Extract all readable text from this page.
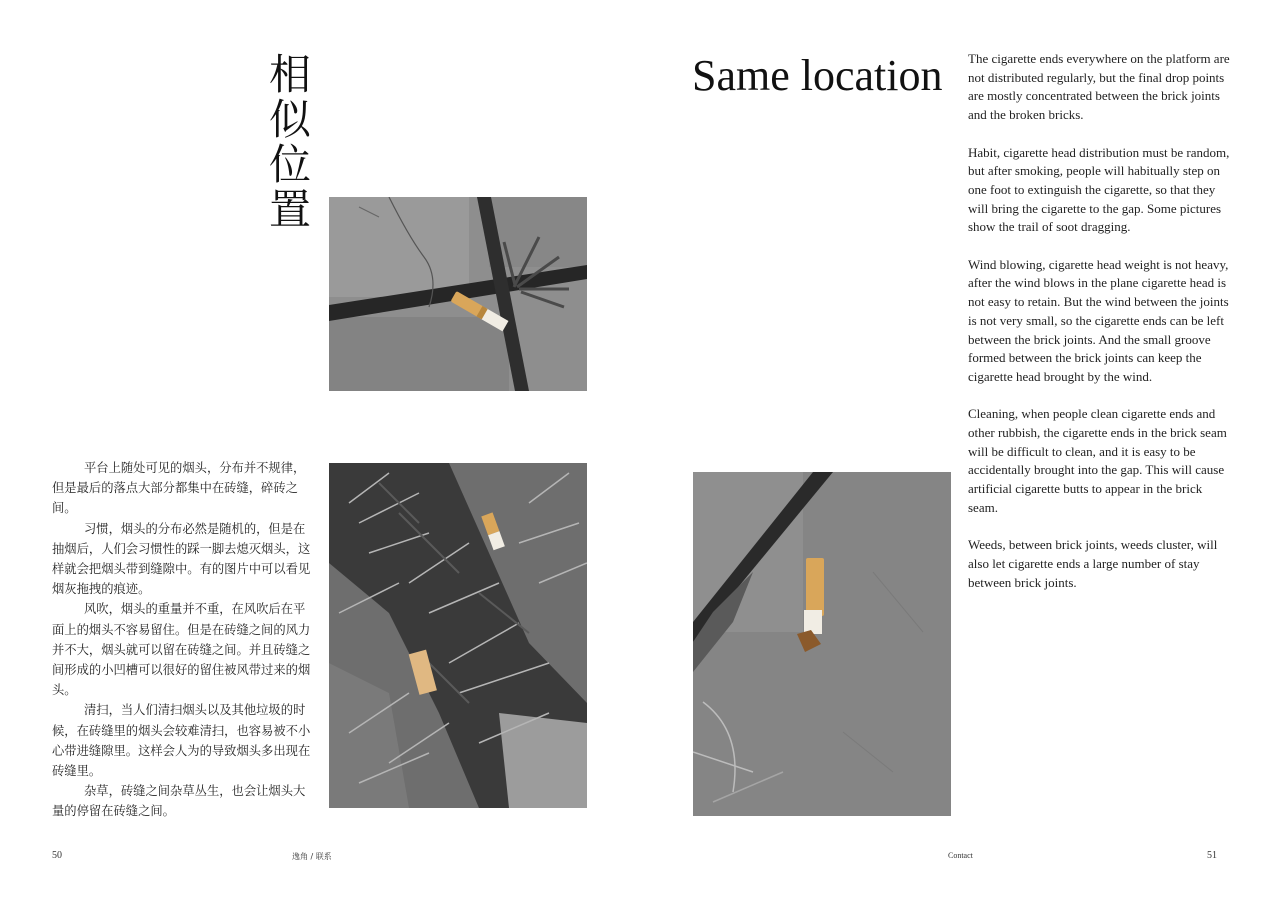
相
似
位
置

平台上随处可见的烟头，分布并不规律，但是最后的落点大部分都集中在砖缝，碎砖之间。

习惯，烟头的分布必然是随机的，但是在抽烟后，人们会习惯性的踩一脚去熄灭烟头，这样就会把烟头带到缝隙中。有的图片中可以看见烟灰拖拽的痕迹。

风吹，烟头的重量并不重，在风吹后在平面上的烟头不容易留住。但是在砖缝之间的风力并不大，烟头就可以留在砖缝之间。并且砖缝之间形成的小凹槽可以很好的留住被风带过来的烟头。

清扫，当人们清扫烟头以及其他垃圾的时候，在砖缝里的烟头会较难清扫，也容易被不小心带进缝隙里。这样会人为的导致烟头多出现在砖缝里。

杂草，砖缝之间杂草丛生，也会让烟头大量的停留在砖缝之间。

50	逸角 / 联系
Same location The cigarette ends everywhere on the platform are not distributed regularly, but the final drop points are mostly concentrated between the brick joints and the broken bricks.

Habit, cigarette head distribution must be random, but after smoking, people will habitually step on one foot to extinguish the cigarette, so that they will bring the cigarette to the gap. Some pictures show the trail of soot dragging.

Wind blowing, cigarette head weight is not heavy, after the wind blows in the plane cigarette head is not easy to retain. But the wind between the joints is not very small, so the cigarette ends can be left between the brick joints. And the small groove formed between the brick joints can keep the cigarette head brought by the wind.

Cleaning, when people clean cigarette ends and other rubbish, the cigarette ends in the brick seam will be difficult to clean, and it is easy to be accidentally brought into the gap. This will cause artificial cigarette butts to appear in the brick seam.

Weeds, between brick joints, weeds cluster, will also let cigarette ends a large number of stay between brick joints.

Contact	51
